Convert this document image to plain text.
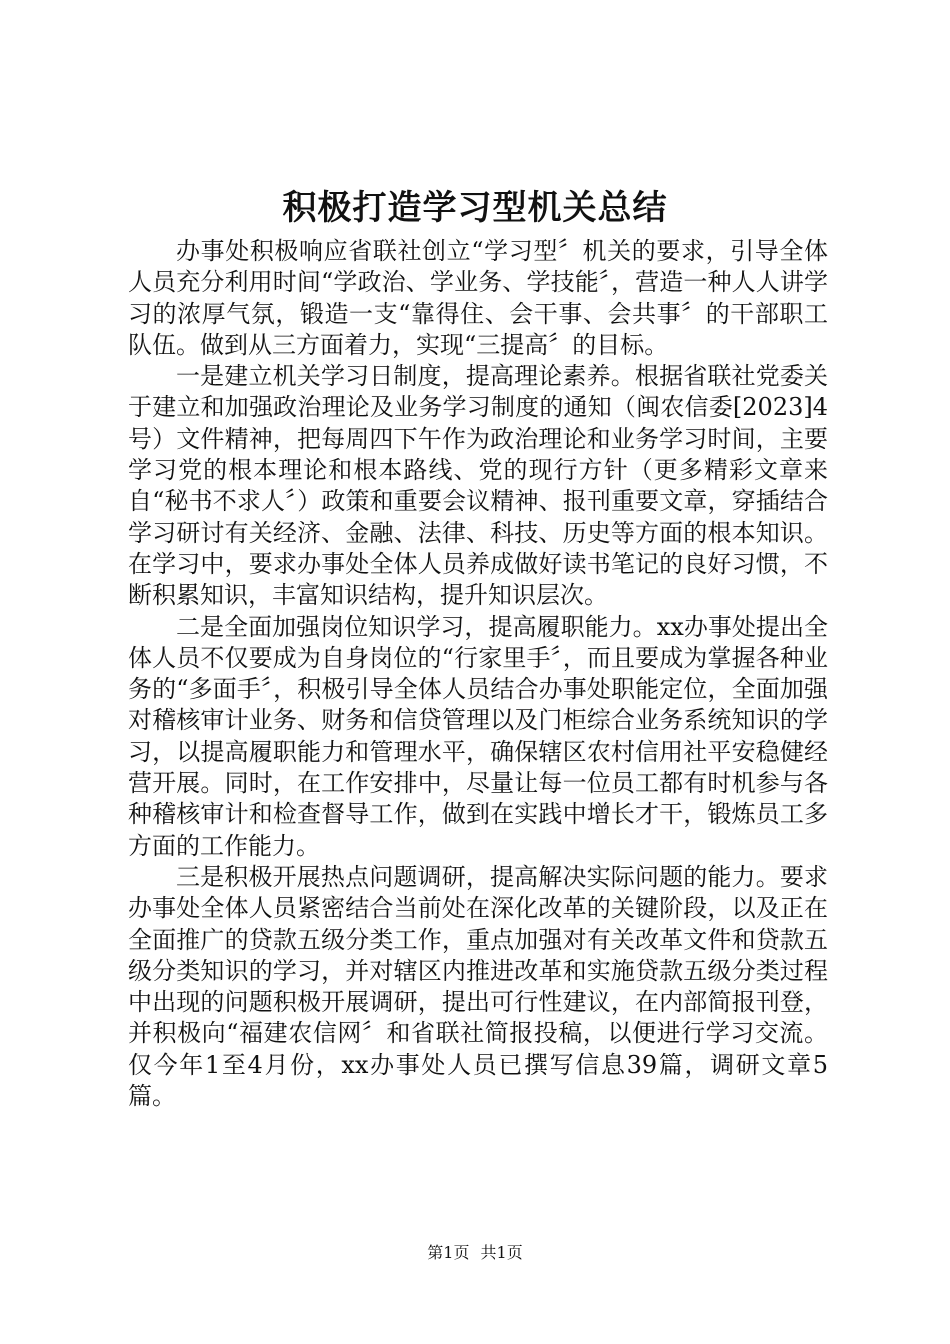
积极打造学习型机关总结

办事处积极响应省联社创立“学习型〞机关的要求，引导全体人员充分利用时间“学政治、学业务、学技能〞，营造一种人人讲学习的浓厚气氛，锻造一支“靠得住、会干事、会共事〞的干部职工队伍。做到从三方面着力，实现“三提高〞的目标。

一是建立机关学习日制度，提高理论素养。根据省联社党委关于建立和加强政治理论及业务学习制度的通知（闽农信委[2023]4号）文件精神，把每周四下午作为政治理论和业务学习时间，主要学习党的根本理论和根本路线、党的现行方针（更多精彩文章来自“秘书不求人〞）政策和重要会议精神、报刊重要文章，穿插结合学习研讨有关经济、金融、法律、科技、历史等方面的根本知识。在学习中，要求办事处全体人员养成做好读书笔记的良好习惯，不断积累知识，丰富知识结构，提升知识层次。

二是全面加强岗位知识学习，提高履职能力。xx办事处提出全体人员不仅要成为自身岗位的“行家里手〞，而且要成为掌握各种业务的“多面手〞，积极引导全体人员结合办事处职能定位，全面加强对稽核审计业务、财务和信贷管理以及门柜综合业务系统知识的学习，以提高履职能力和管理水平，确保辖区农村信用社平安稳健经营开展。同时，在工作安排中，尽量让每一位员工都有时机参与各种稽核审计和检查督导工作，做到在实践中增长才干，锻炼员工多方面的工作能力。

三是积极开展热点问题调研，提高解决实际问题的能力。要求办事处全体人员紧密结合当前处在深化改革的关键阶段，以及正在全面推广的贷款五级分类工作，重点加强对有关改革文件和贷款五级分类知识的学习，并对辖区内推进改革和实施贷款五级分类过程中出现的问题积极开展调研，提出可行性建议，在内部简报刊登，并积极向“福建农信网〞和省联社简报投稿，以便进行学习交流。仅今年1至4月份，xx办事处人员已撰写信息39篇，调研文章5篇。

第1页 共1页
